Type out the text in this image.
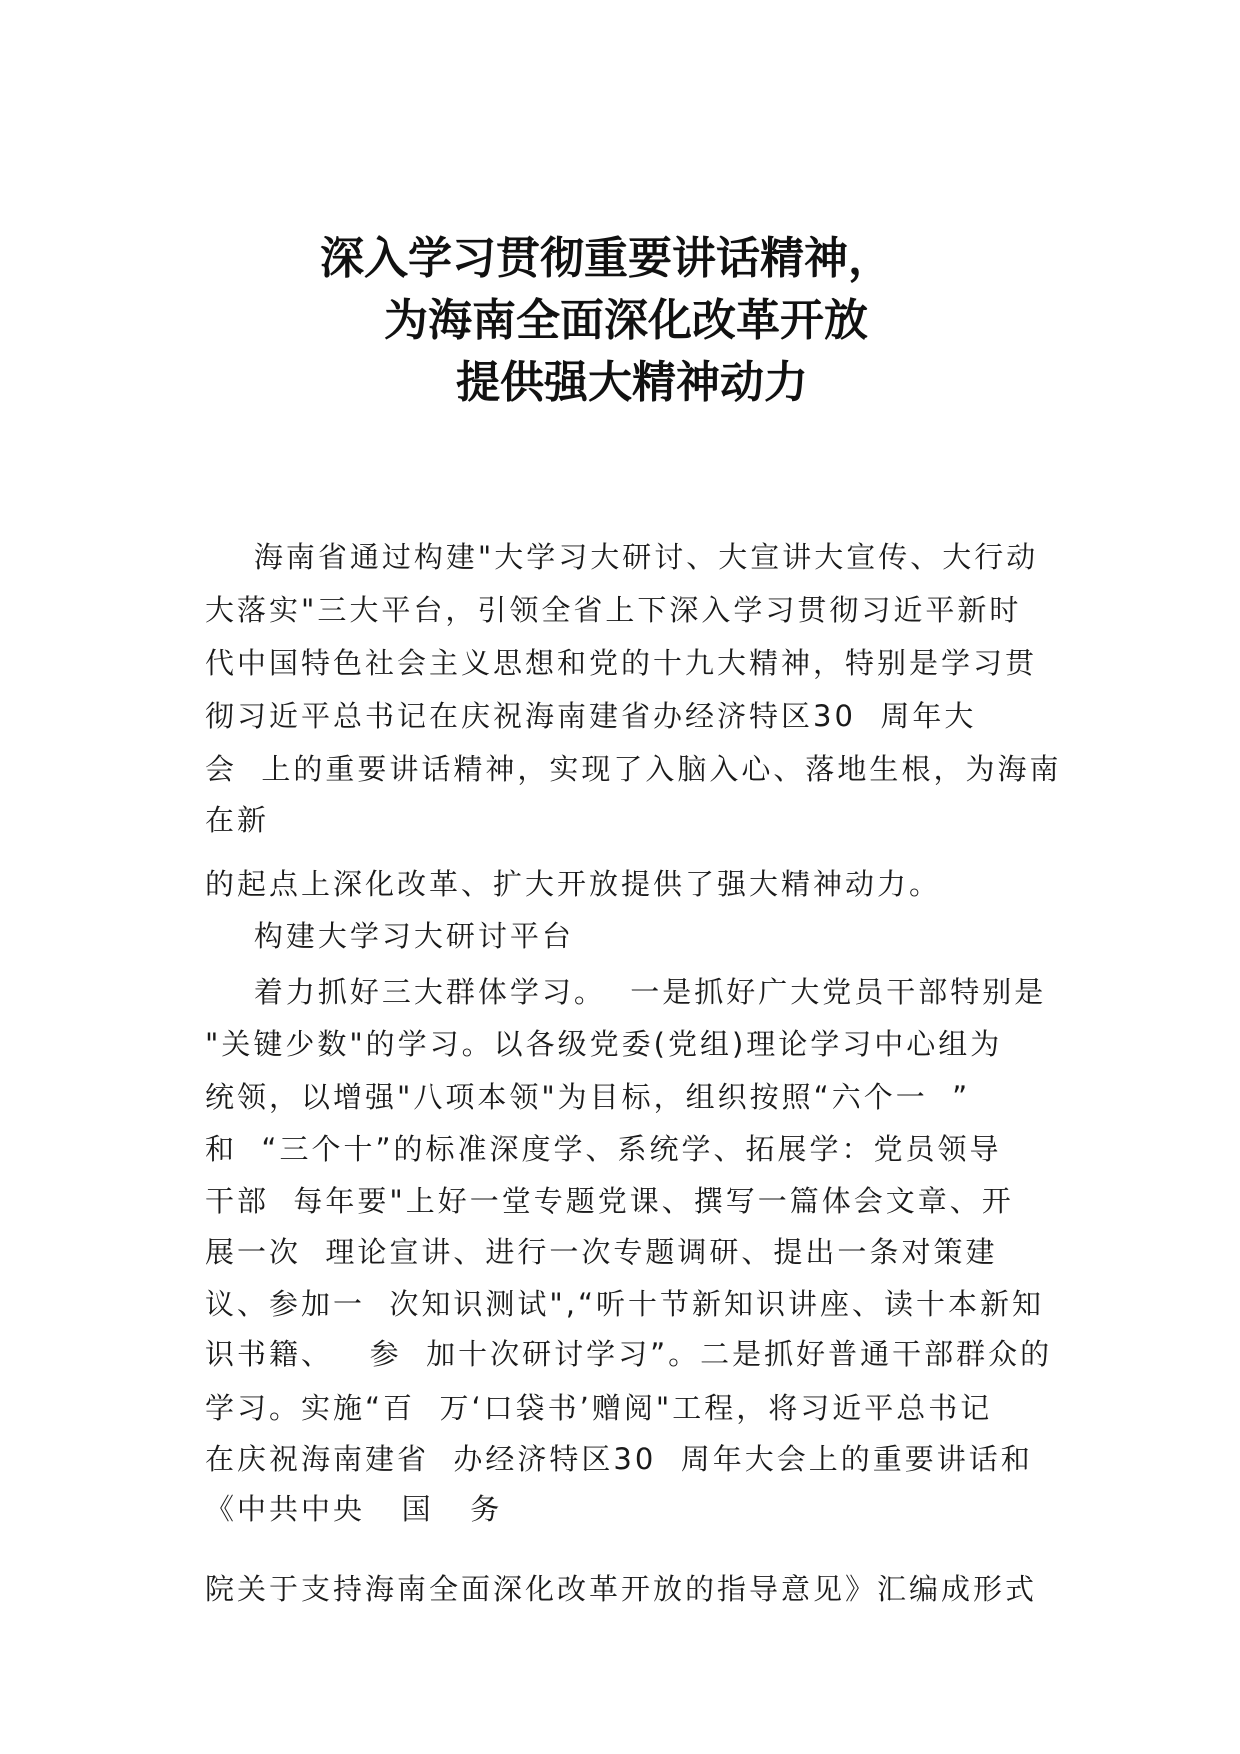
深入学习贯彻重要讲话精神，
为海南全面深化改革开放
提供强大精神动力
海南省通过构建"大学习大研讨、大宣讲大宣传、大行动
大落实"三大平台，引领全省上下深入学习贯彻习近平新时
代中国特色社会主义思想和党的十九大精神，特别是学习贯
彻习近平总书记在庆祝海南建省办经济特区30  周年大
会  上的重要讲话精神，实现了入脑入心、落地生根，为海南
在新
的起点上深化改革、扩大开放提供了强大精神动力。
构建大学习大研讨平台
着力抓好三大群体学习。  一是抓好广大党员干部特别是
"关键少数"的学习。以各级党委(党组)理论学习中心组为
统领，以增强"八项本领"为目标，组织按照“六个一  ”
和  “三个十”的标准深度学、系统学、拓展学：党员领导
干部  每年要"上好一堂专题党课、撰写一篇体会文章、开
展一次  理论宣讲、进行一次专题调研、提出一条对策建
议、参加一  次知识测试",“听十节新知识讲座、读十本新知
识书籍、   参  加十次研讨学习”。二是抓好普通干部群众的
学习。实施“百  万‘口袋书’赠阅"工程，将习近平总书记
在庆祝海南建省  办经济特区30  周年大会上的重要讲话和
《中共中央   国   务
院关于支持海南全面深化改革开放的指导意见》汇编成形式
